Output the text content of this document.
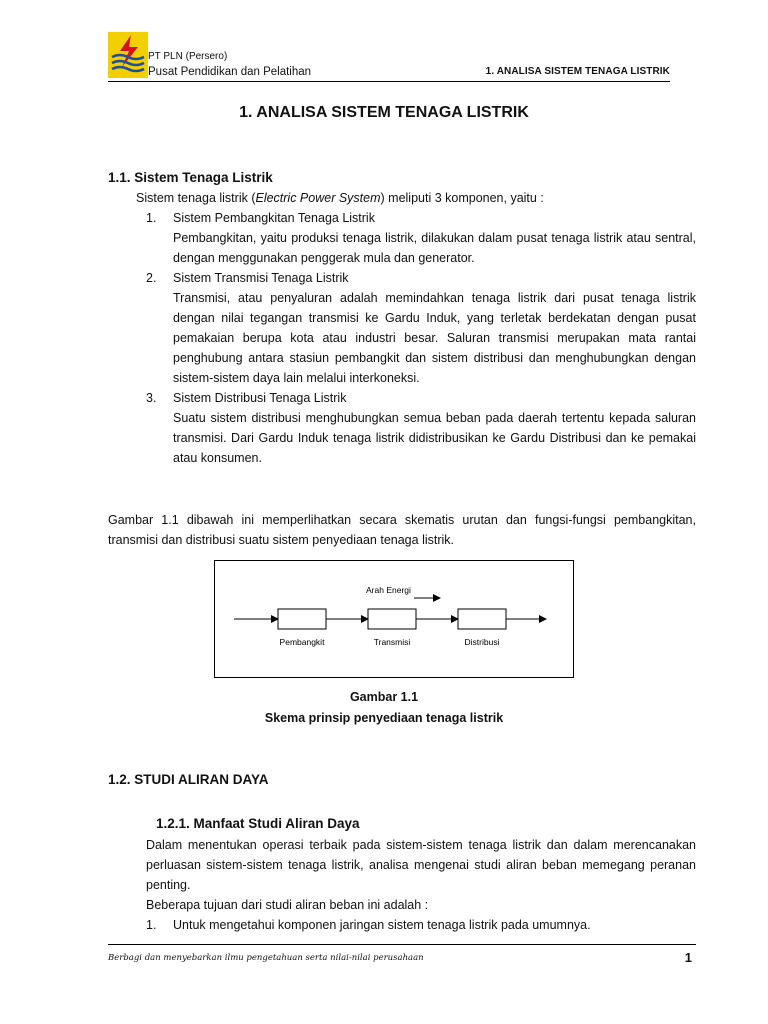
PT PLN (Persero)
Pusat Pendidikan dan Pelatihan	1. ANALISA SISTEM TENAGA LISTRIK
1. ANALISA SISTEM TENAGA LISTRIK
1.1. Sistem Tenaga Listrik
Sistem tenaga listrik (Electric Power System) meliputi 3 komponen, yaitu :
1. Sistem Pembangkitan Tenaga Listrik
Pembangkitan, yaitu produksi tenaga listrik, dilakukan dalam pusat tenaga listrik atau sentral, dengan menggunakan penggerak mula dan generator.
2. Sistem Transmisi Tenaga Listrik
Transmisi, atau penyaluran adalah memindahkan tenaga listrik dari pusat tenaga listrik dengan nilai tegangan transmisi ke Gardu Induk, yang terletak berdekatan dengan pusat pemakaian berupa kota atau industri besar. Saluran transmisi merupakan mata rantai penghubung antara stasiun pembangkit dan sistem distribusi dan menghubungkan dengan sistem-sistem daya lain melalui interkoneksi.
3. Sistem Distribusi Tenaga Listrik
Suatu sistem distribusi menghubungkan semua beban pada daerah tertentu kepada saluran transmisi. Dari Gardu Induk tenaga listrik didistribusikan ke Gardu Distribusi dan ke pemakai atau konsumen.
Gambar 1.1 dibawah ini memperlihatkan secara skematis urutan dan fungsi-fungsi pembangkitan, transmisi dan distribusi suatu sistem penyediaan tenaga listrik.
Arah Energi
Pembangkit	Transmisi	Distribusi
Gambar 1.1
Skema prinsip penyediaan tenaga listrik
1.2. STUDI ALIRAN DAYA
1.2.1. Manfaat Studi Aliran Daya
Dalam menentukan operasi terbaik pada sistem-sistem tenaga listrik dan dalam merencanakan perluasan sistem-sistem tenaga listrik, analisa mengenai studi aliran beban memegang peranan penting.
Beberapa tujuan dari studi aliran beban ini adalah :
1. Untuk mengetahui komponen jaringan sistem tenaga listrik pada umumnya.
Berbagi dan menyebarkan ilmu pengetahuan serta nilai-nilai perusahaan	1
